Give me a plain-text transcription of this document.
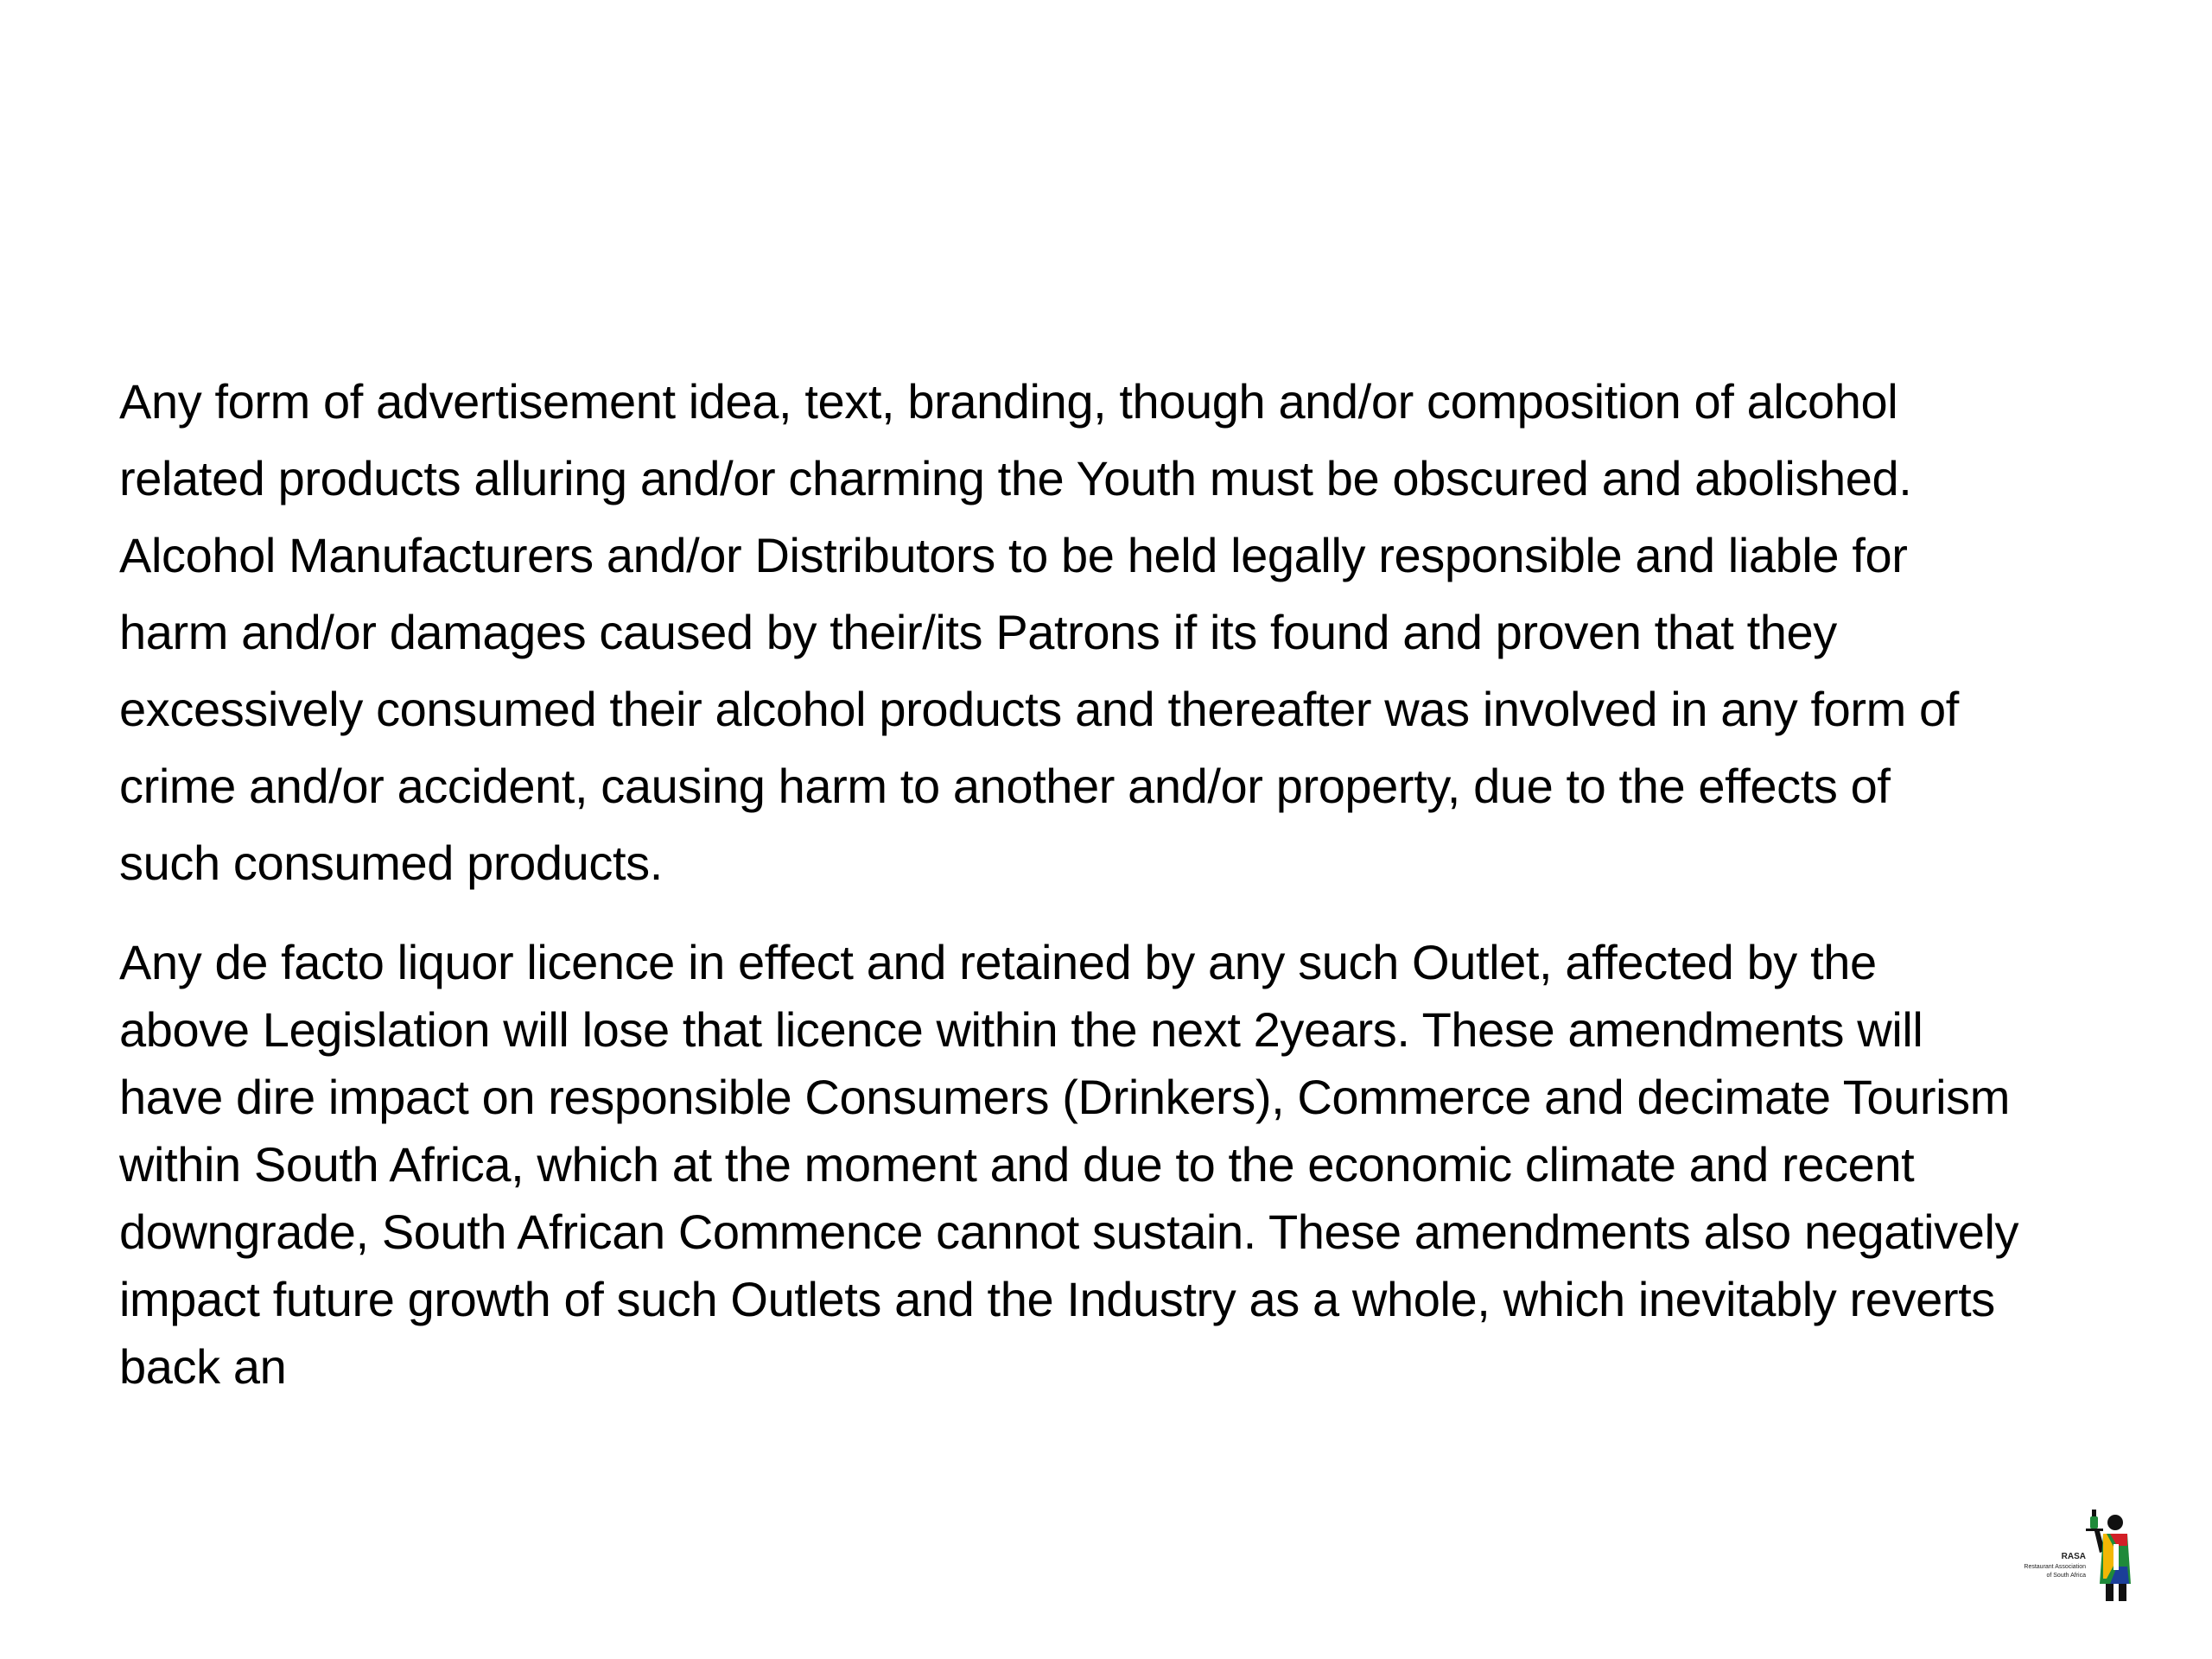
Any form of advertisement idea, text, branding, though and/or composition of alcohol
related products alluring and/or charming the Youth must be obscured and abolished.
Alcohol Manufacturers and/or Distributors to be held legally responsible and liable for
harm and/or damages caused by their/its Patrons if its found and proven that they
excessively consumed their alcohol products and thereafter was involved in any form of
crime and/or accident, causing harm to another and/or property, due to the effects of
such consumed products.

Any de facto liquor licence in effect and retained by any such Outlet, affected by the
above Legislation will lose that licence within the next 2years. These amendments will
have dire impact on responsible Consumers (Drinkers), Commerce and decimate Tourism
within South Africa, which at the moment and due to the economic climate and recent
downgrade, South African Commence cannot sustain. These amendments also negatively
impact future growth of such Outlets and the Industry as a whole, which inevitably reverts
back an

RASA
Restaurant Association
of South Africa
